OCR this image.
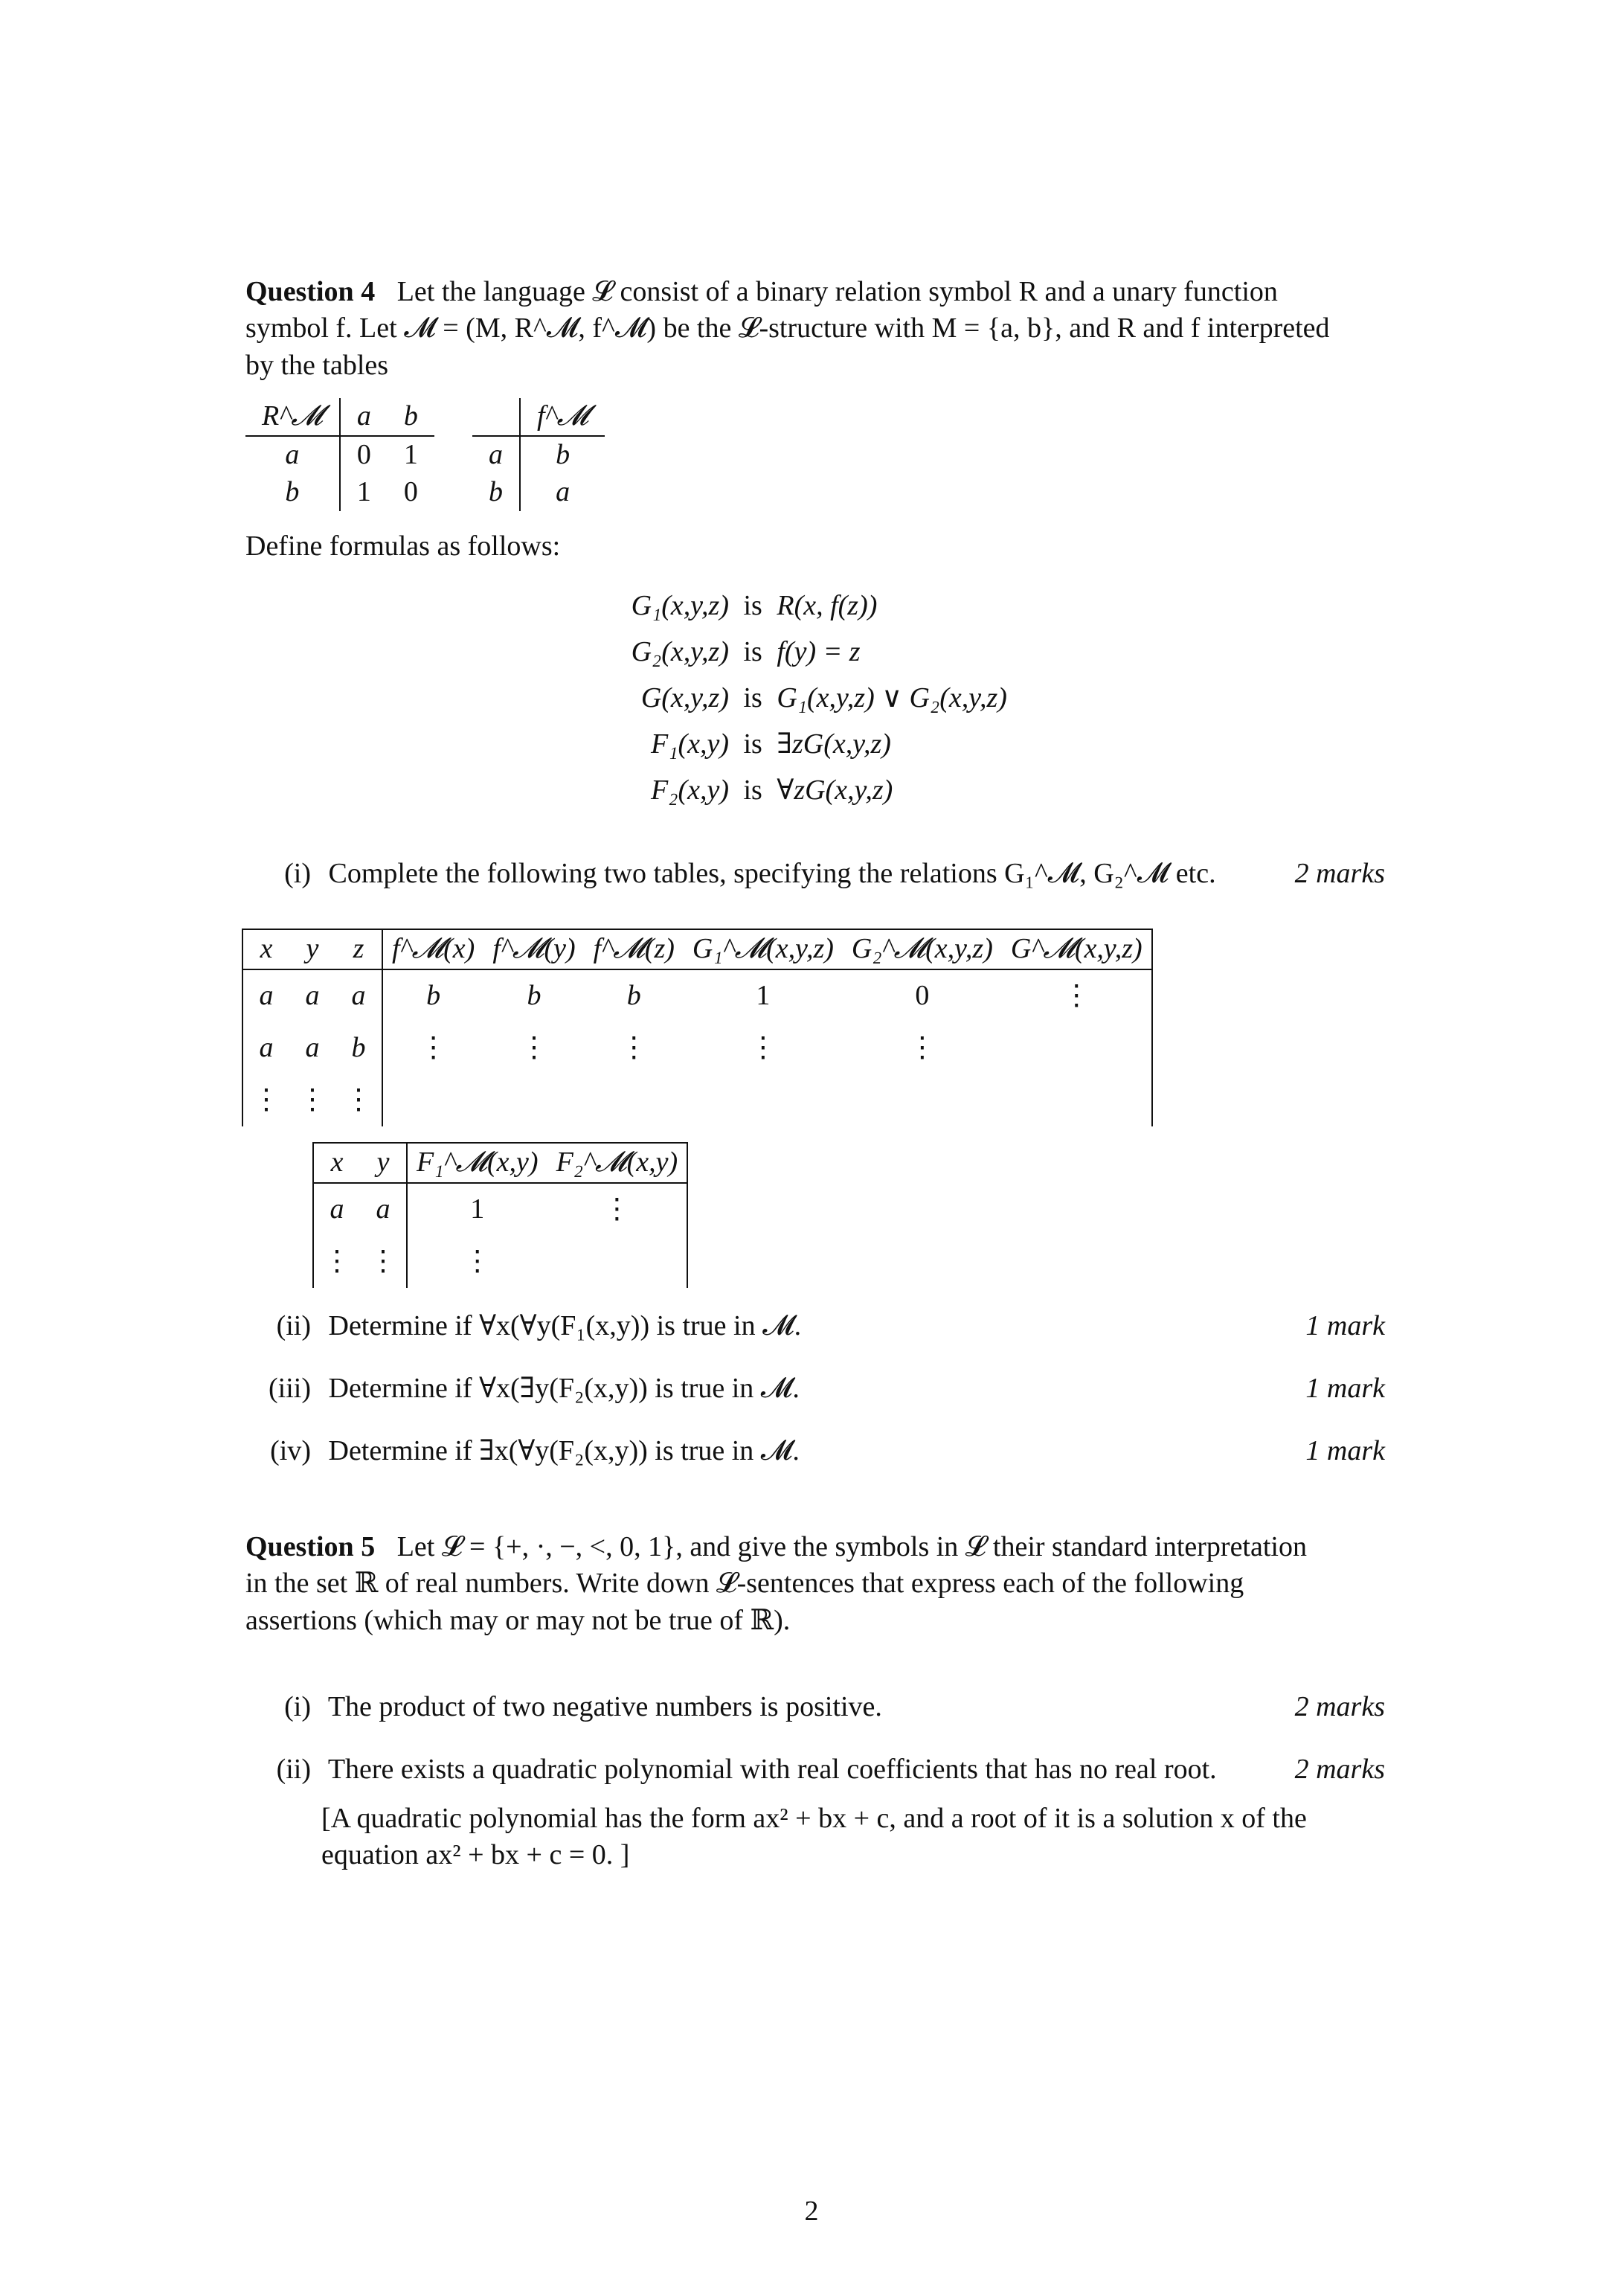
Question 4 Let the language 𝓛 consist of a binary relation symbol R and a unary function
symbol f. Let 𝓜 = (M, R^𝓜, f^𝓜) be the 𝓛-structure with M = {a, b}, and R and f interpreted
by the tables
R^𝓜	a	b
a	0	1
b	1	0
	f^𝓜
a	b
b	a
Define formulas as follows:
G₁(x,y,z) is R(x, f(z))
G₂(x,y,z) is f(y) = z
G(x,y,z) is G₁(x,y,z) ∨ G₂(x,y,z)
F₁(x,y) is ∃zG(x,y,z)
F₂(x,y) is ∀zG(x,y,z)
(i) Complete the following two tables, specifying the relations G₁^𝓜, G₂^𝓜 etc.	2 marks
x	y	z	f^𝓜(x)	f^𝓜(y)	f^𝓜(z)	G₁^𝓜(x,y,z)	G₂^𝓜(x,y,z)	G^𝓜(x,y,z)
a	a	a	b	b	b	1	0	⋮
a	a	b	⋮	⋮	⋮	⋮	⋮	
⋮	⋮	⋮						
x	y	F₁^𝓜(x,y)	F₂^𝓜(x,y)
a	a	1	⋮
⋮	⋮	⋮	
(ii) Determine if ∀x(∀y(F₁(x,y)) is true in 𝓜.	1 mark
(iii) Determine if ∀x(∃y(F₂(x,y)) is true in 𝓜.	1 mark
(iv) Determine if ∃x(∀y(F₂(x,y)) is true in 𝓜.	1 mark
Question 5 Let 𝓛 = {+, ·, −, <, 0, 1}, and give the symbols in 𝓛 their standard interpretation
in the set ℝ of real numbers. Write down 𝓛-sentences that express each of the following
assertions (which may or may not be true of ℝ).
(i) The product of two negative numbers is positive.	2 marks
(ii) There exists a quadratic polynomial with real coefficients that has no real root.	2 marks
[A quadratic polynomial has the form ax² + bx + c, and a root of it is a solution x of the
equation ax² + bx + c = 0. ]
2
